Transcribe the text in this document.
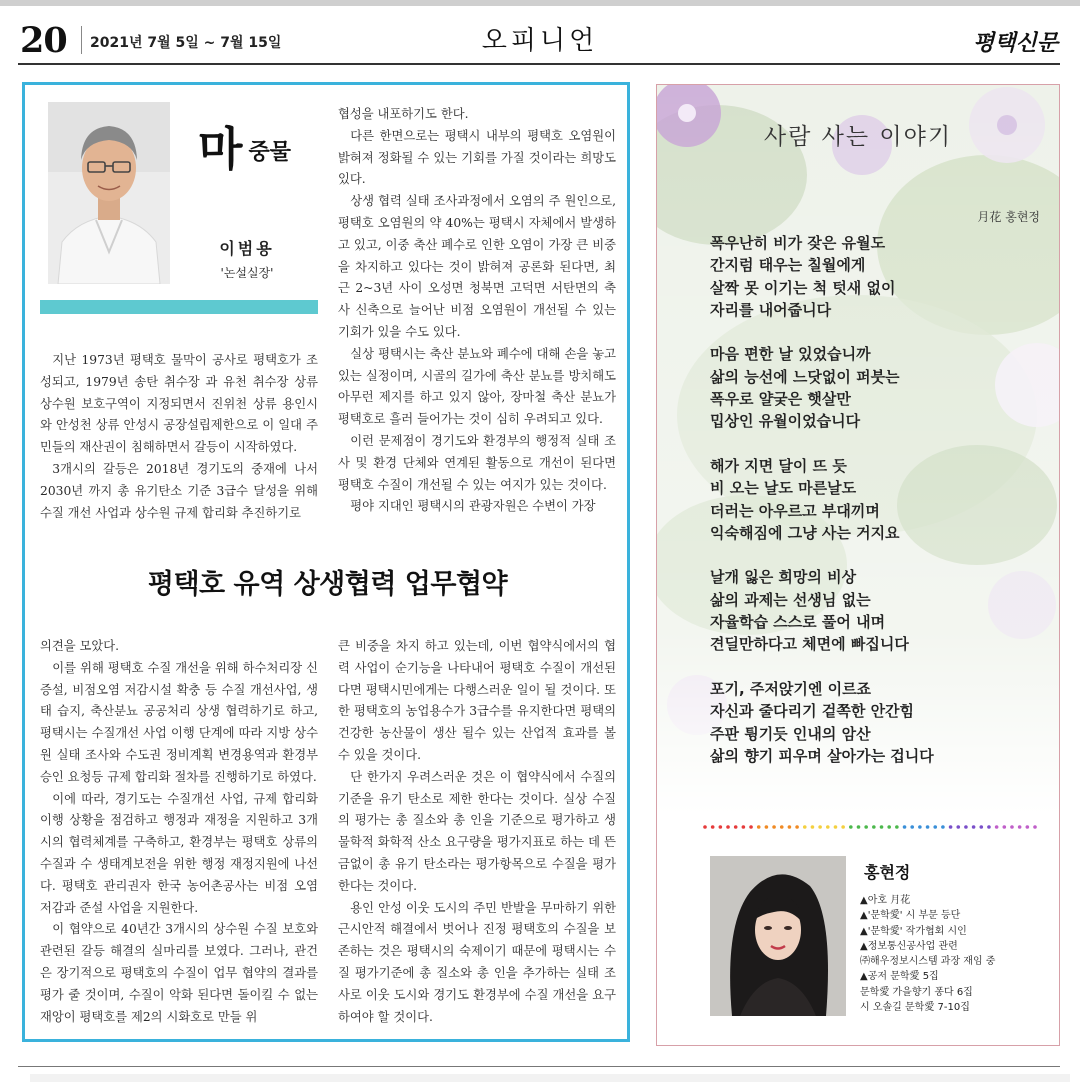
20 2021년 7월 5일 ~ 7월 15일	오피니언	평택신문
마중물
이범용
'논설실장'

지난 1973년 평택호 물막이 공사로 평택호가 조성되고, 1979년 송탄 취수장 과 유천 취수장 상류 상수원 보호구역이 지정되면서 진위천 상류 용인시와 안성천 상류 안성시 공장설립제한으로 이 일대 주민들의 재산권이 침해하면서 갈등이 시작하였다.

3개시의 갈등은 2018년 경기도의 중재에 나서 2030년 까지 총 유기탄소 기준 3급수 달성을 위해 수질 개선 사업과 상수원 규제 합리화 추진하기로

협성을 내포하기도 한다.

다른 한면으로는 평택시 내부의 평택호 오염원이 밝혀져 정화될 수 있는 기회를 가질 것이라는 희망도 있다.

상생 협력 실태 조사과정에서 오염의 주 원인으로, 평택호 오염원의 약 40%는 평택시 자체에서 발생하고 있고, 이중 축산 폐수로 인한 오염이 가장 큰 비중을 차지하고 있다는 것이 밝혀져 공론화 된다면, 최근 2~3년 사이 오성면 청북면 고덕면 서탄면의 축사 신축으로 늘어난 비점 오염원이 개선될 수 있는 기회가 있을 수도 있다.

실상 평택시는 축산 분뇨와 폐수에 대해 손을 놓고 있는 실정이며, 시골의 길가에 축산 분뇨를 방치해도 아무런 제지를 하고 있지 않아, 장마철 축산 분뇨가 평택호로 흘러 들어가는 것이 심히 우려되고 있다.

이런 문제점이 경기도와 환경부의 행정적 실태 조사 및 환경 단체와 연계된 활동으로 개선이 된다면 평택호 수질이 개선될 수 있는 여지가 있는 것이다.

평야 지대인 평택시의 관광자원은 수변이 가장

평택호 유역 상생협력 업무협약

의견을 모았다.

이를 위해 평택호 수질 개선을 위해 하수처리장 신 증설, 비점오염 저감시설 확충 등 수질 개선사업, 생태 습지, 축산분뇨 공공처리 상생 협력하기로 하고, 평택시는 수질개선 사업 이행 단계에 따라 지방 상수원 실태 조사와 수도권 정비계획 변경용역과 환경부 승인 요청등 규제 합리화 절차를 진행하기로 하였다.

이에 따라, 경기도는 수질개선 사업, 규제 합리화 이행 상황을 점검하고 행정과 재정을 지원하고 3개시의 협력체계를 구축하고, 환경부는 평택호 상류의 수질과 수 생태계보전을 위한 행정 재정지원에 나선다. 평택호 관리권자 한국 농어촌공사는 비점 오염 저감과 준설 사업을 지원한다.

이 협약으로 40년간 3개시의 상수원 수질 보호와 관련된 갈등 해결의 실마리를 보였다. 그러나, 관건은 장기적으로 평택호의 수질이 업무 협약의 결과를 평가 줄 것이며, 수질이 악화 된다면 돌이킬 수 없는 재앙이 평택호를 제2의 시화호로 만들 위

큰 비중을 차지 하고 있는데, 이번 협약식에서의 협력 사업이 순기능을 나타내어 평택호 수질이 개선된다면 평택시민에게는 다행스러운 일이 될 것이다. 또한 평택호의 농업용수가 3급수를 유지한다면 평택의 건강한 농산물이 생산 될수 있는 산업적 효과를 볼 수 있을 것이다.

단 한가지 우려스러운 것은 이 협약식에서 수질의 기준을 유기 탄소로 제한 한다는 것이다. 실상 수질의 평가는 총 질소와 총 인을 기준으로 평가하고 생물학적 화학적 산소 요구량을 평가지표로 하는 데 뜬금없이 총 유기 탄소라는 평가항목으로 수질을 평가한다는 것이다.

용인 안성 이웃 도시의 주민 반발을 무마하기 위한 근시안적 해결에서 벗어나 진정 평택호의 수질을 보존하는 것은 평택시의 숙제이기 때문에 평택시는 수질 평가기준에 총 질소와 총 인을 추가하는 실태 조사로 이웃 도시와 경기도 환경부에 수질 개선을 요구하여야 할 것이다.

사람 사는 이야기
月花 홍현정
폭우난히 비가 잦은 유월도
간지럼 태우는 칠월에게
살짝 못 이기는 척 텃새 없이
자리를 내어줍니다
마음 편한 날 있었습니까
삶의 능선에 느닷없이 퍼붓는
폭우로 얄궂은 햇살만
밉상인 유월이었습니다
해가 지면 달이 뜨 듯
비 오는 날도 마른날도
더러는 아우르고 부대끼며
익숙해짐에 그냥 사는 거지요
날개 잃은 희망의 비상
삶의 과제는 선생님 없는
자율학습 스스로 풀어 내며
견딜만하다고 체면에 빠집니다
포기, 주저앉기엔 이르죠
자신과 줄다리기 겉쪽한 안간힘
주판 튕기듯 인내의 암산
삶의 향기 피우며 살아가는 겁니다
홍현정
▲아호 月花
▲'문학愛' 시 부문 등단
▲'문학愛' 작가협회 시인
▲정보통신공사업 관련
㈜해우정보시스템 과장 재임 중
▲공저 문학愛 5집
문학愛 가을향기 퐁다 6집
시 오솔길 문학愛 7-10집
